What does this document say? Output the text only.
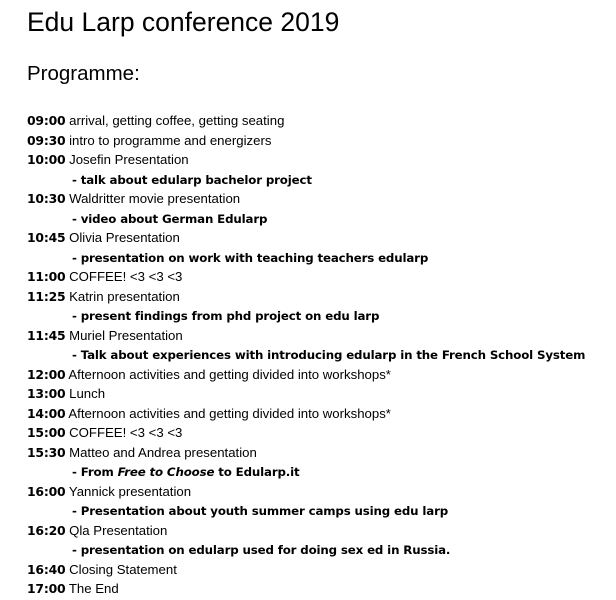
Edu Larp conference 2019
Programme:
09:00 arrival, getting coffee, getting seating
09:30 intro to programme and energizers
10:00 Josefin Presentation
- talk about edularp bachelor project
10:30 Waldritter movie presentation
- video about German Edularp
10:45 Olivia Presentation
- presentation on work with teaching teachers edularp
11:00 COFFEE! <3 <3 <3
11:25 Katrin presentation
- present findings from phd project on edu larp
11:45 Muriel Presentation
- Talk about experiences with introducing edularp in the French School System
12:00 Afternoon activities and getting divided into workshops*
13:00 Lunch
14:00 Afternoon activities and getting divided into workshops*
15:00 COFFEE! <3 <3 <3
15:30 Matteo and Andrea presentation
- From Free to Choose to Edularp.it
16:00 Yannick presentation
- Presentation about youth summer camps using edu larp
16:20 Qla Presentation
- presentation on edularp used for doing sex ed in Russia.
16:40 Closing Statement
17:00 The End
